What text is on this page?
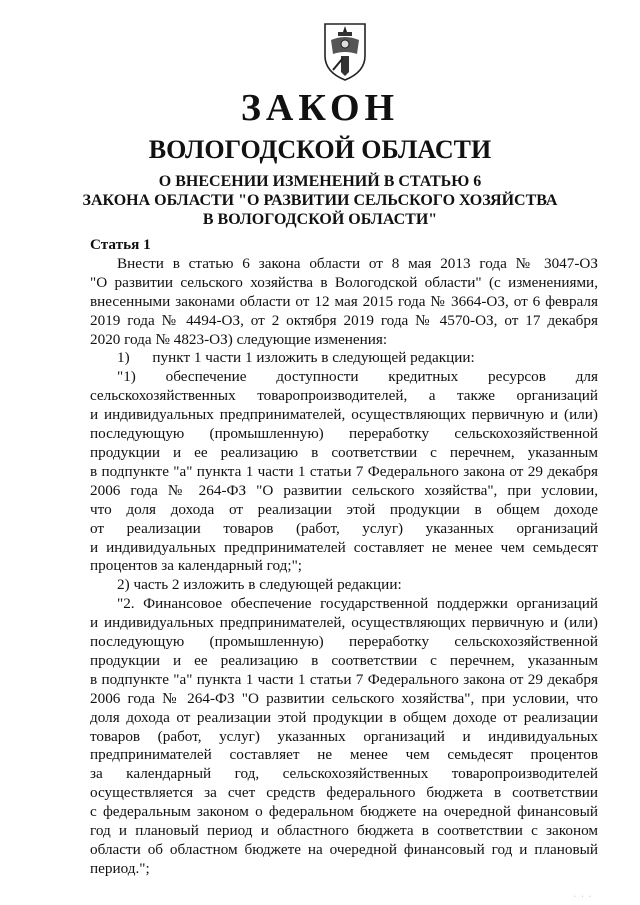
ЗАКОН
ВОЛОГОДСКОЙ ОБЛАСТИ
О ВНЕСЕНИИ ИЗМЕНЕНИЙ В СТАТЬЮ 6
ЗАКОНА ОБЛАСТИ "О РАЗВИТИИ СЕЛЬСКОГО ХОЗЯЙСТВА
В ВОЛОГОДСКОЙ ОБЛАСТИ"
Статья 1
Внести в статью 6 закона области от 8 мая 2013 года № 3047-ОЗ
"О развитии сельского хозяйства в Вологодской области" (с изменениями,
внесенными законами области от 12 мая 2015 года № 3664-ОЗ, от 6 февраля
2019 года № 4494-ОЗ, от 2 октября 2019 года № 4570-ОЗ, от 17 декабря
2020 года № 4823-ОЗ) следующие изменения:
1)      пункт 1 части 1 изложить в следующей редакции:
"1) обеспечение доступности кредитных ресурсов для
сельскохозяйственных товаропроизводителей, а также организаций
и индивидуальных предпринимателей, осуществляющих первичную и (или)
последующую (промышленную) переработку сельскохозяйственной
продукции и ее реализацию в соответствии с перечнем, указанным
в подпункте "а" пункта 1 части 1 статьи 7 Федерального закона от 29 декабря
2006 года № 264-ФЗ "О развитии сельского хозяйства", при условии,
что доля дохода от реализации этой продукции в общем доходе
от реализации товаров (работ, услуг) указанных организаций
и индивидуальных предпринимателей составляет не менее чем семьдесят
процентов за календарный год;";
2) часть 2 изложить в следующей редакции:
"2. Финансовое обеспечение государственной поддержки организаций
и индивидуальных предпринимателей, осуществляющих первичную и (или)
последующую (промышленную) переработку сельскохозяйственной
продукции и ее реализацию в соответствии с перечнем, указанным
в подпункте "а" пункта 1 части 1 статьи 7 Федерального закона от 29 декабря
2006 года № 264-ФЗ "О развитии сельского хозяйства", при условии, что
доля дохода от реализации этой продукции в общем доходе от реализации
товаров (работ, услуг) указанных организаций и индивидуальных
предпринимателей составляет не менее чем семьдесят процентов
за календарный год, сельскохозяйственных товаропроизводителей
осуществляется за счет средств федерального бюджета в соответствии
с федеральным законом о федеральном бюджете на очередной финансовый
год и плановый период и областного бюджета в соответствии с законом
области об областном бюджете на очередной финансовый год и плановый
период.";
· · ·
